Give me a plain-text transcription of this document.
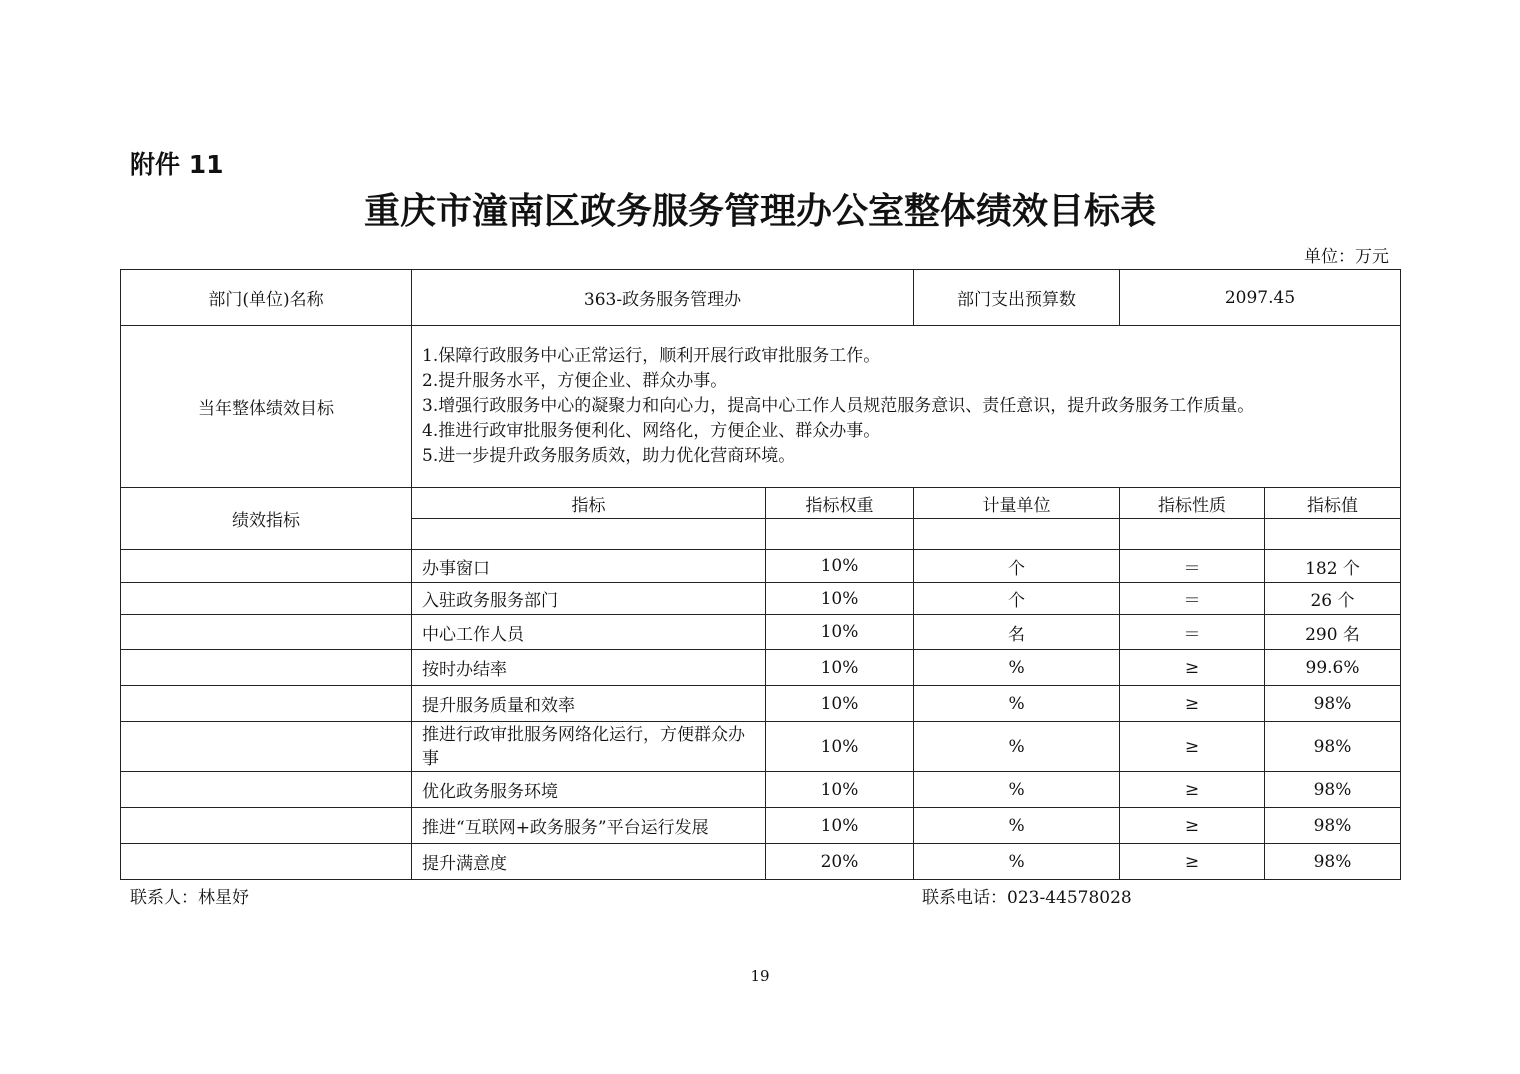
附件 11
重庆市潼南区政务服务管理办公室整体绩效目标表
单位：万元
部门(单位)名称	363-政务服务管理办		部门支出预算数	2097.45	
当年整体绩效目标	1.保障行政服务中心正常运行，顺利开展行政审批服务工作。
2.提升服务水平，方便企业、群众办事。
3.增强行政服务中心的凝聚力和向心力，提高中心工作人员规范服务意识、责任意识，提升政务服务工作质量。
4.推进行政审批服务便利化、网络化，方便企业、群众办事。
5.进一步提升政务服务质效，助力优化营商环境。				

绩效指标	指标	指标权重	计量单位	指标性质	指标值

	办事窗口	10%	个	＝	182 个
	入驻政务服务部门	10%	个	＝	26 个
	中心工作人员	10%	名	＝	290 名
	按时办结率	10%	%	≥	99.6%
	提升服务质量和效率	10%	%	≥	98%
	推进行政审批服务网络化运行，方便群众办事	10%	%	≥	98%
	优化政务服务环境	10%	%	≥	98%
	推进“互联网+政务服务”平台运行发展	10%	%	≥	98%
	提升满意度	20%	%	≥	98%
联系人：林星妤	联系电话：023-44578028
19
